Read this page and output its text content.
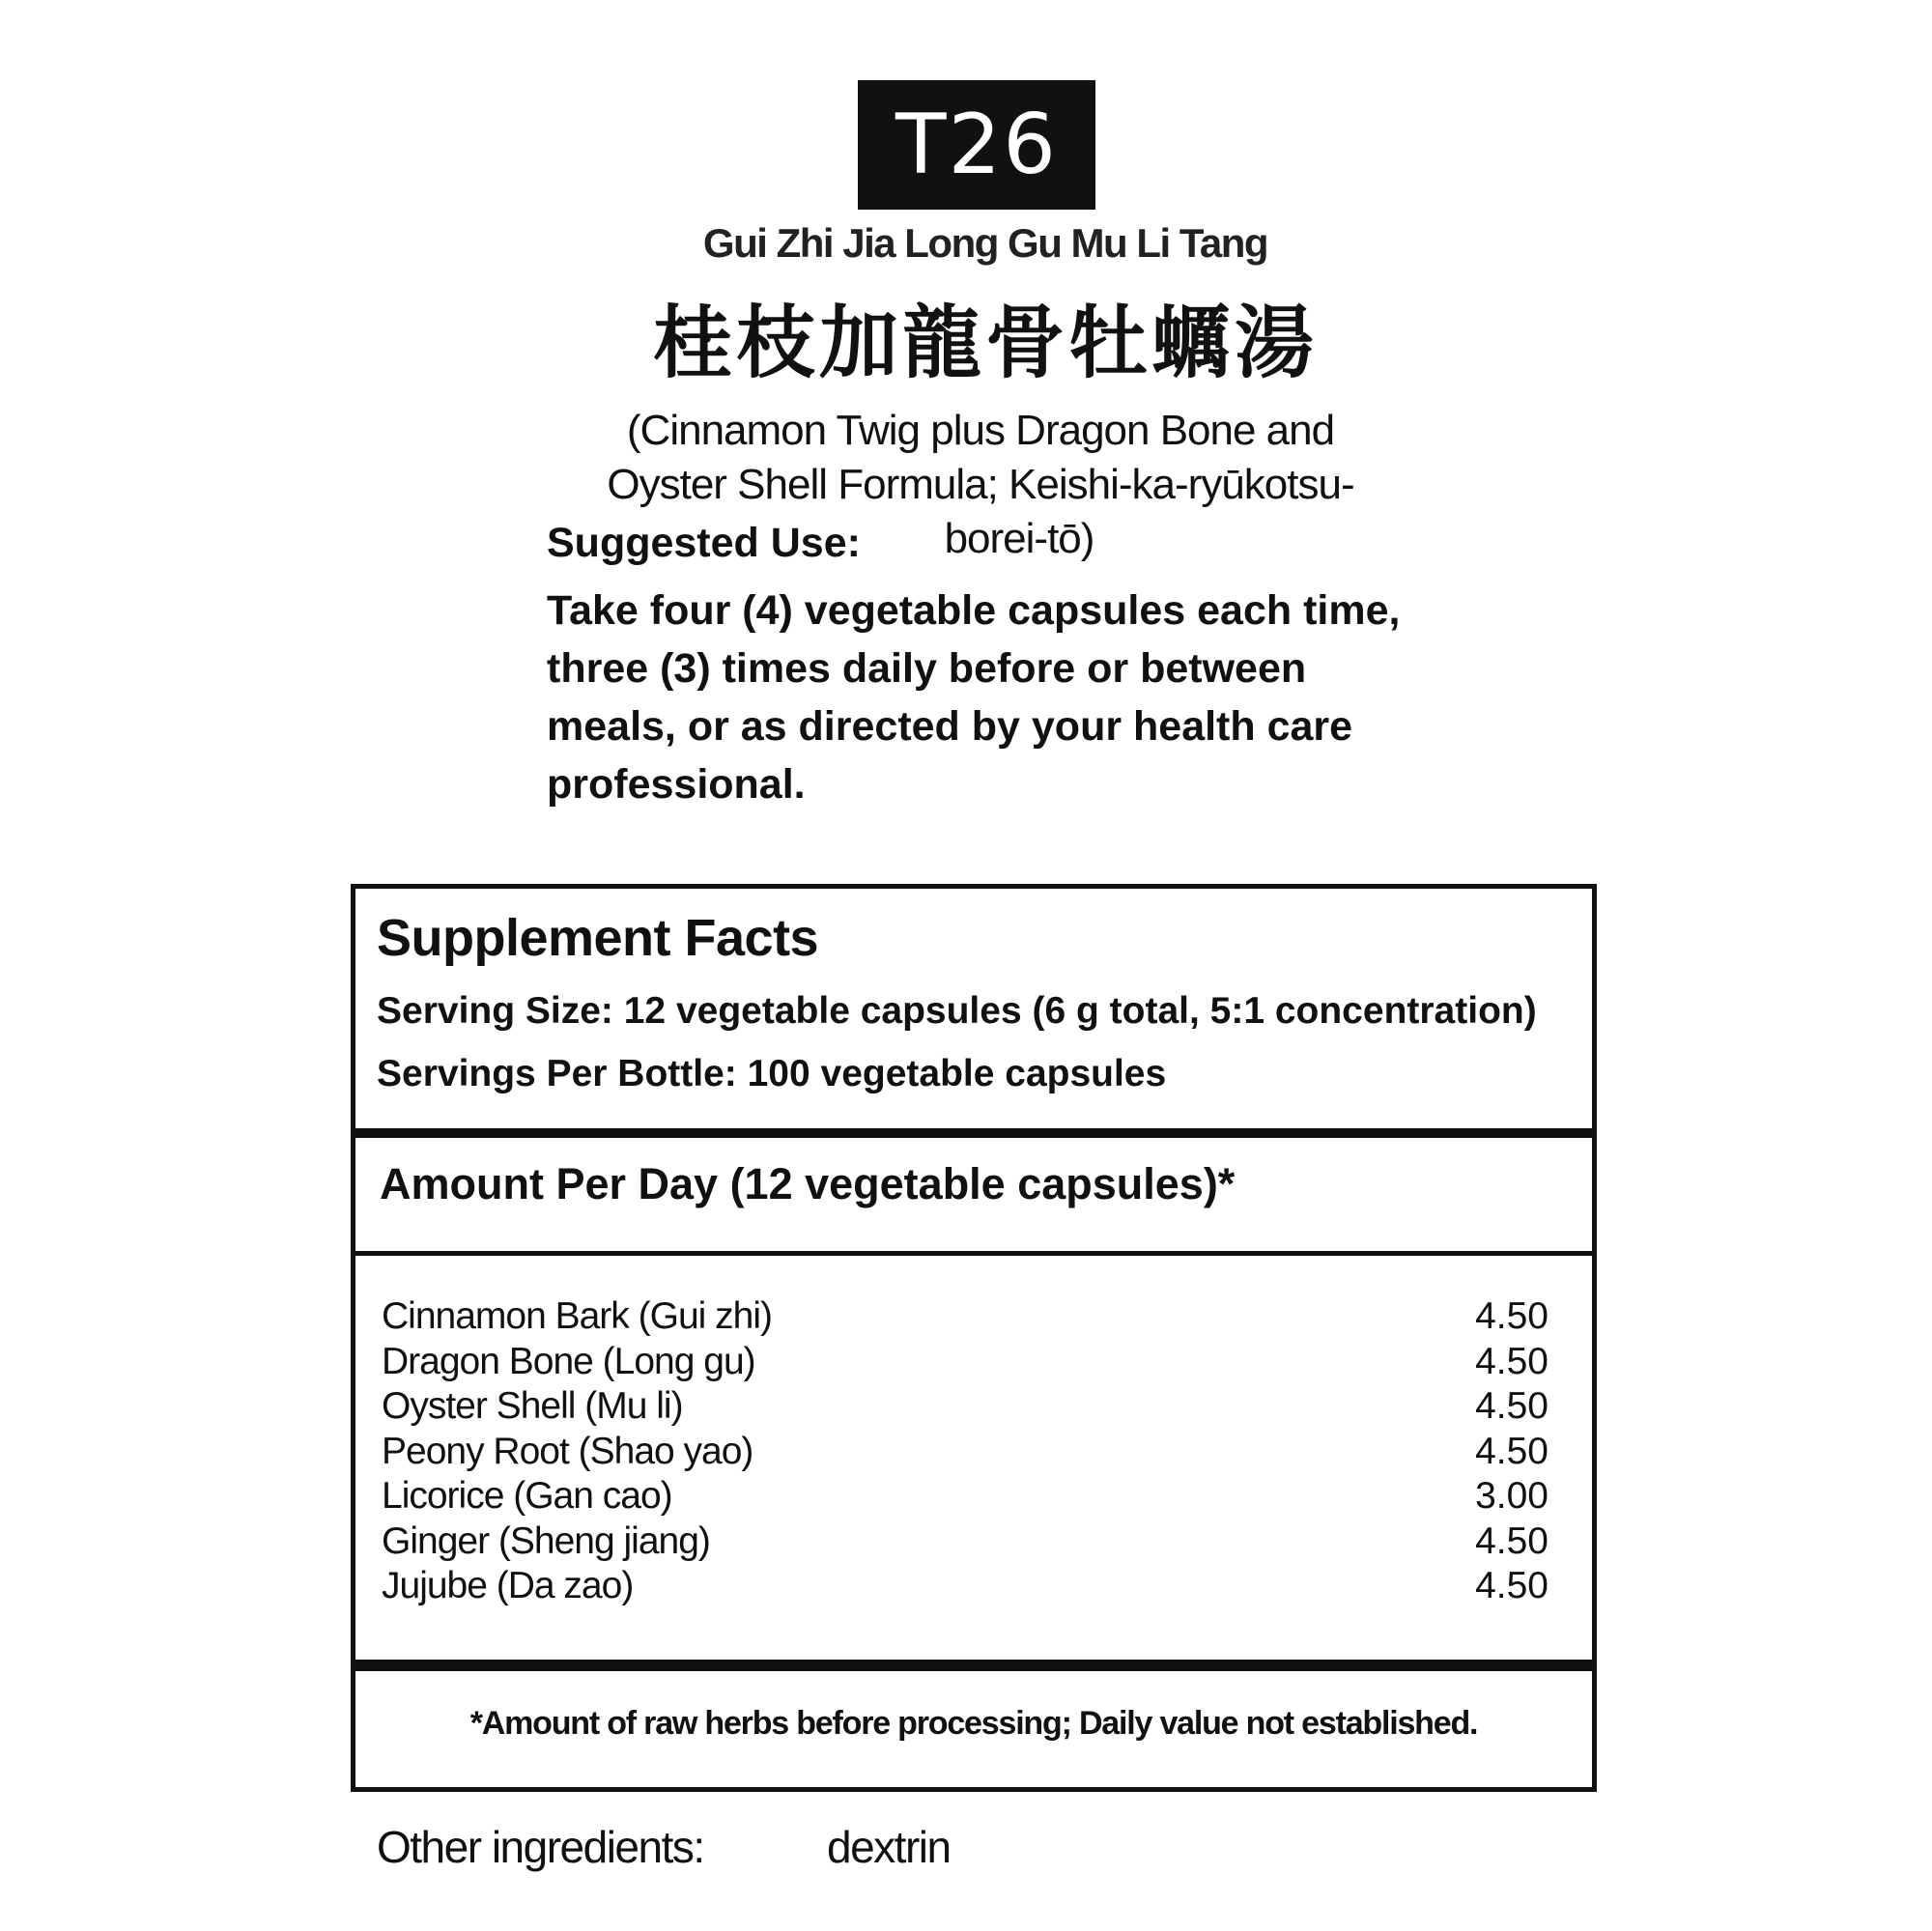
T26
Gui Zhi Jia Long Gu Mu Li Tang
桂枝加龍骨牡蠣湯
(Cinnamon Twig plus Dragon Bone and
Oyster Shell Formula; Keishi-ka-ryūkotsu-
borei-tō)
Suggested Use:
Take four (4) vegetable capsules each time, three (3) times daily before or between meals, or as directed by your health care professional.
Supplement Facts
Serving Size: 12 vegetable capsules (6 g total, 5:1 concentration)
Servings Per Bottle: 100 vegetable capsules
Amount Per Day (12 vegetable capsules)*
Cinnamon Bark (Gui zhi)	4.50
Dragon Bone (Long gu)	4.50
Oyster Shell (Mu li)	4.50
Peony Root (Shao yao)	4.50
Licorice (Gan cao)	3.00
Ginger (Sheng jiang)	4.50
Jujube (Da zao)	4.50
*Amount of raw herbs before processing; Daily value not established.
Other ingredients:	dextrin
